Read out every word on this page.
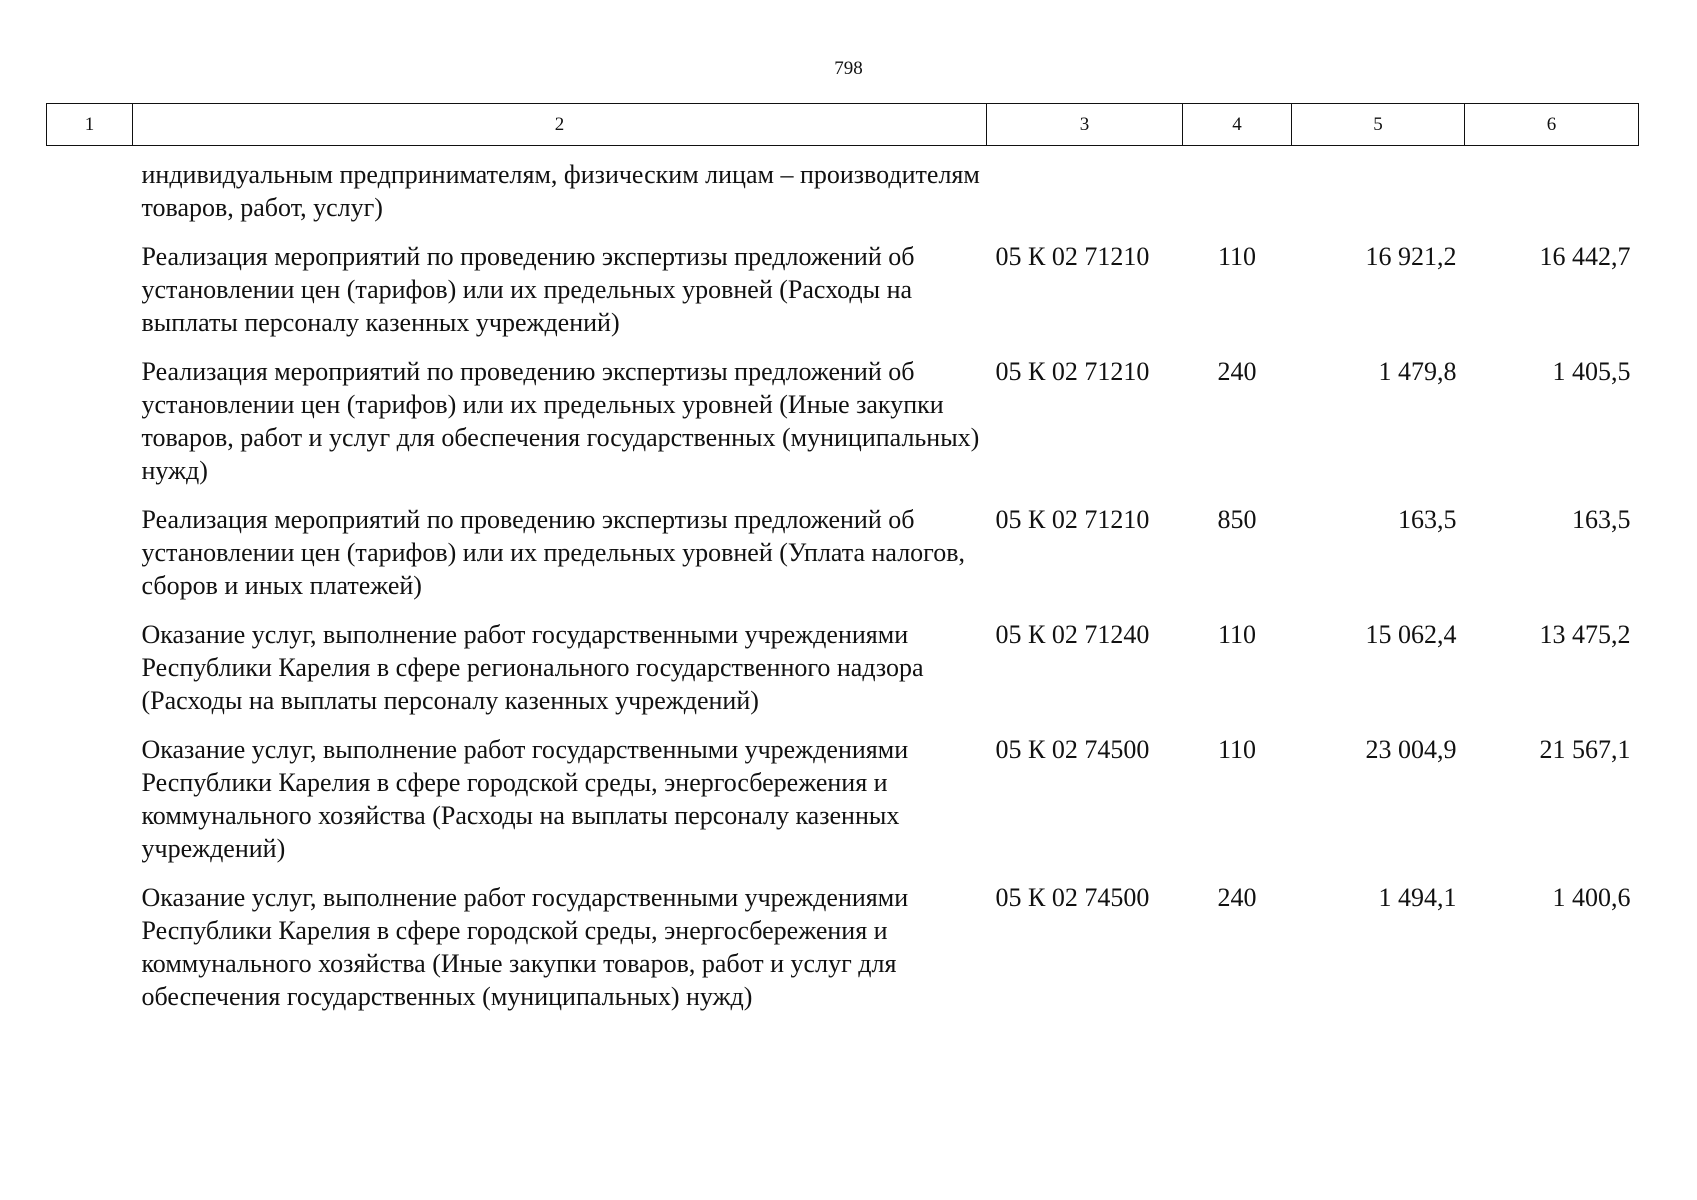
798
1	2	3	4	5	6
	индивидуальным предпринимателям, физическим лицам – производителям товаров, работ, услуг)				
	Реализация мероприятий по проведению экспертизы предложений об установлении цен (тарифов) или их предельных уровней (Расходы на выплаты персоналу казенных учреждений)	05 К 02 71210	110	16 921,2	16 442,7
	Реализация мероприятий по проведению экспертизы предложений об установлении цен (тарифов) или их предельных уровней (Иные закупки товаров, работ и услуг для обеспечения государственных (муниципальных) нужд)	05 К 02 71210	240	1 479,8	1 405,5
	Реализация мероприятий по проведению экспертизы предложений об установлении цен (тарифов) или их предельных уровней (Уплата налогов, сборов и иных платежей)	05 К 02 71210	850	163,5	163,5
	Оказание услуг, выполнение работ государственными учреждениями Республики Карелия в сфере регионального государственного надзора (Расходы на выплаты персоналу казенных учреждений)	05 К 02 71240	110	15 062,4	13 475,2
	Оказание услуг, выполнение работ государственными учреждениями Республики Карелия в сфере городской среды, энергосбережения и коммунального хозяйства (Расходы на выплаты персоналу казенных учреждений)	05 К 02 74500	110	23 004,9	21 567,1
	Оказание услуг, выполнение работ государственными учреждениями Республики Карелия в сфере городской среды, энергосбережения и коммунального хозяйства (Иные закупки товаров, работ и услуг для обеспечения государственных (муниципальных) нужд)	05 К 02 74500	240	1 494,1	1 400,6
